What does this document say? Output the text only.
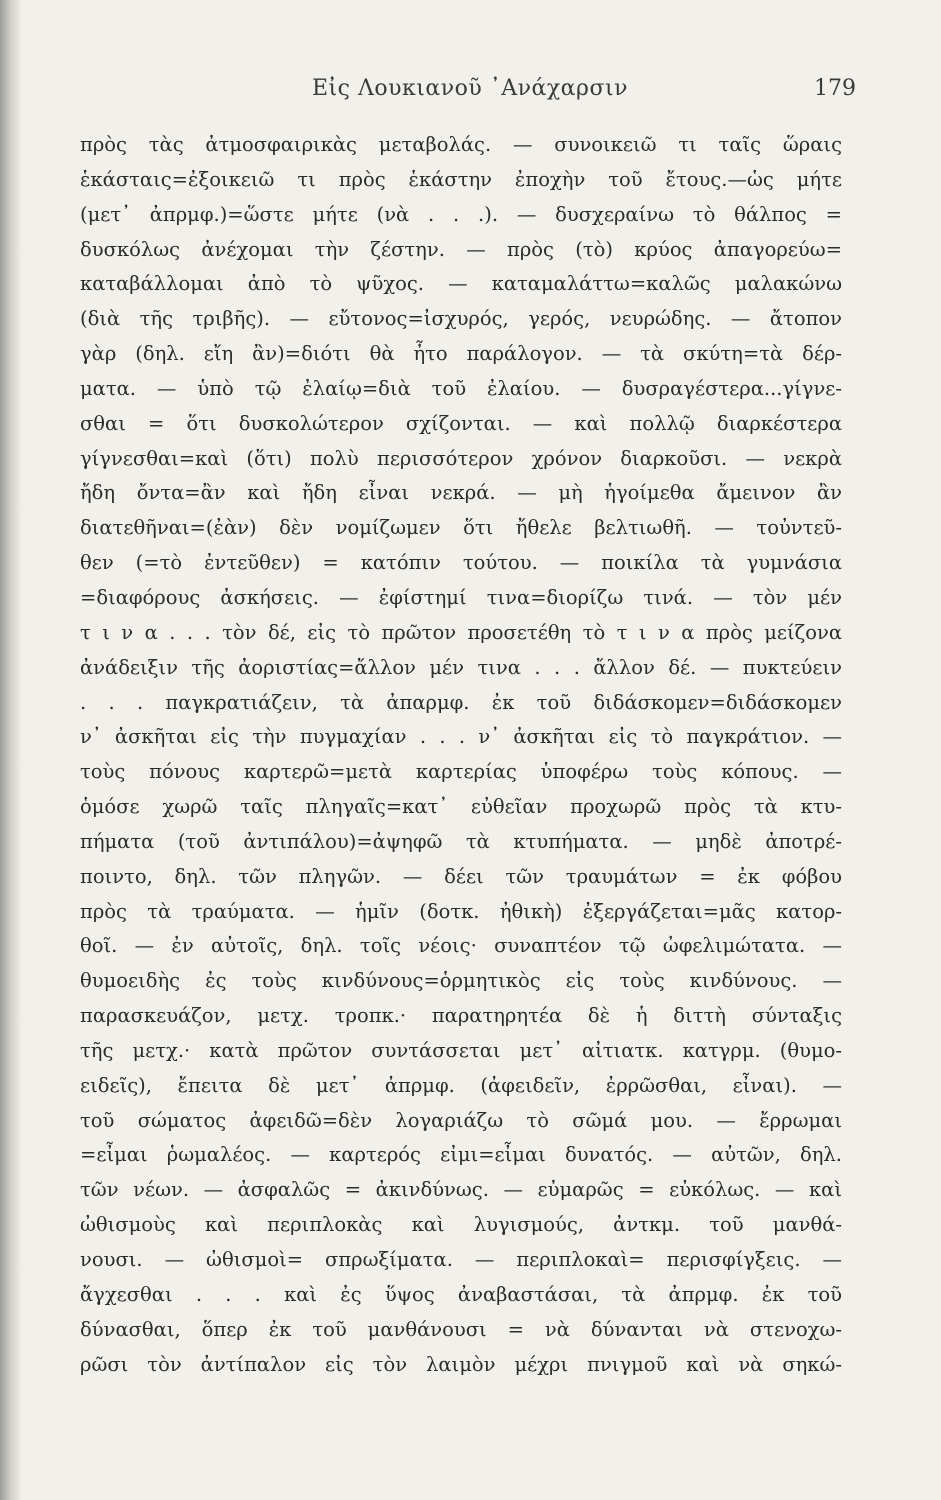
Εἰς Λουκιανοῦ ᾿Ανάχαρσιν	179
πρὸς τὰς ἀτμοσφαιρικὰς μεταβολάς. — συνοικειῶ τι ταῖς ὥραις
ἑκάσταις=ἐξοικειῶ τι πρὸς ἑκάστην ἐποχὴν τοῦ ἔτους.—ὡς μήτε
(μετ᾽ ἀπρμφ.)=ὥστε μήτε (νὰ . . .). — δυσχεραίνω τὸ θάλπος =
δυσκόλως ἀνέχομαι τὴν ζέστην. — πρὸς (τὸ) κρύος ἀπαγορεύω=
καταβάλλομαι ἀπὸ τὸ ψῦχος. — καταμαλάττω=καλῶς μαλακώνω
(διὰ τῆς τριβῆς). — εὔτονος=ἰσχυρός, γερός, νευρώδης. — ἄτοπον
γὰρ (δηλ. εἴη ἂν)=διότι θὰ ἦτο παράλογον. — τὰ σκύτη=τὰ δέρ-
ματα. — ὑπὸ τῷ ἐλαίῳ=διὰ τοῦ ἐλαίου. — δυσραγέστερα...γίγνε-
σθαι = ὅτι δυσκολώτερον σχίζονται. — καὶ πολλῷ διαρκέστερα
γίγνεσθαι=καὶ (ὅτι) πολὺ περισσότερον χρόνον διαρκοῦσι. — νεκρὰ
ἤδη ὄντα=ἂν καὶ ἤδη εἶναι νεκρά. — μὴ ἡγοίμεθα ἄμεινον ἂν
διατεθῆναι=(ἐὰν) δὲν νομίζωμεν ὅτι ἤθελε βελτιωθῆ. — τοὐντεῦ-
θεν (=τὸ ἐντεῦθεν) = κατόπιν τούτου. — ποικίλα τὰ γυμνάσια
=διαφόρους ἀσκήσεις. — ἐφίστημί τινα=διορίζω τινά. — τὸν μέν
τ ι ν α . . . τὸν δέ, εἰς τὸ πρῶτον προσετέθη τὸ τ ι ν α πρὸς μείζονα
ἀνάδειξιν τῆς ἀοριστίας=ἄλλον μέν τινα . . . ἄλλον δέ. — πυκτεύειν
. . . παγκρατιάζειν, τὰ ἀπαρμφ. ἐκ τοῦ διδάσκομεν=διδάσκομεν
ν᾽ ἀσκῆται εἰς τὴν πυγμαχίαν . . . ν᾽ ἀσκῆται εἰς τὸ παγκράτιον. —
τοὺς πόνους καρτερῶ=μετὰ καρτερίας ὑποφέρω τοὺς κόπους. —
ὁμόσε χωρῶ ταῖς πληγαῖς=κατ᾽ εὐθεῖαν προχωρῶ πρὸς τὰ κτυ-
πήματα (τοῦ ἀντιπάλου)=ἀψηφῶ τὰ κτυπήματα. — μηδὲ ἀποτρέ-
ποιντο, δηλ. τῶν πληγῶν. — δέει τῶν τραυμάτων = ἐκ φόβου
πρὸς τὰ τραύματα. — ἡμῖν (δοτκ. ἠθικὴ) ἐξεργάζεται=μᾶς κατορ-
θοῖ. — ἐν αὐτοῖς, δηλ. τοῖς νέοις· συναπτέον τῷ ὠφελιμώτατα. —
θυμοειδὴς ἐς τοὺς κινδύνους=ὁρμητικὸς εἰς τοὺς κινδύνους. —
παρασκευάζον, μετχ. τροπκ.· παρατηρητέα δὲ ἡ διττὴ σύνταξις
τῆς μετχ.· κατὰ πρῶτον συντάσσεται μετ᾽ αἰτιατκ. κατγρμ. (θυμο-
ειδεῖς), ἔπειτα δὲ μετ᾽ ἀπρμφ. (ἀφειδεῖν, ἐρρῶσθαι, εἶναι). —
τοῦ σώματος ἀφειδῶ=δὲν λογαριάζω τὸ σῶμά μου. — ἔρρωμαι
=εἶμαι ῥωμαλέος. — καρτερός εἰμι=εἶμαι δυνατός. — αὐτῶν, δηλ.
τῶν νέων. — ἀσφαλῶς = ἀκινδύνως. — εὐμαρῶς = εὐκόλως. — καὶ
ὠθισμοὺς καὶ περιπλοκὰς καὶ λυγισμούς, ἀντκμ. τοῦ μανθά-
νουσι. — ὠθισμοὶ= σπρωξίματα. — περιπλοκαὶ= περισφίγξεις. —
ἄγχεσθαι . . . καὶ ἐς ὕψος ἀναβαστάσαι, τὰ ἀπρμφ. ἐκ τοῦ
δύνασθαι, ὅπερ ἐκ τοῦ μανθάνουσι = νὰ δύνανται νὰ στενοχω-
ρῶσι τὸν ἀντίπαλον εἰς τὸν λαιμὸν μέχρι πνιγμοῦ καὶ νὰ σηκώ-
